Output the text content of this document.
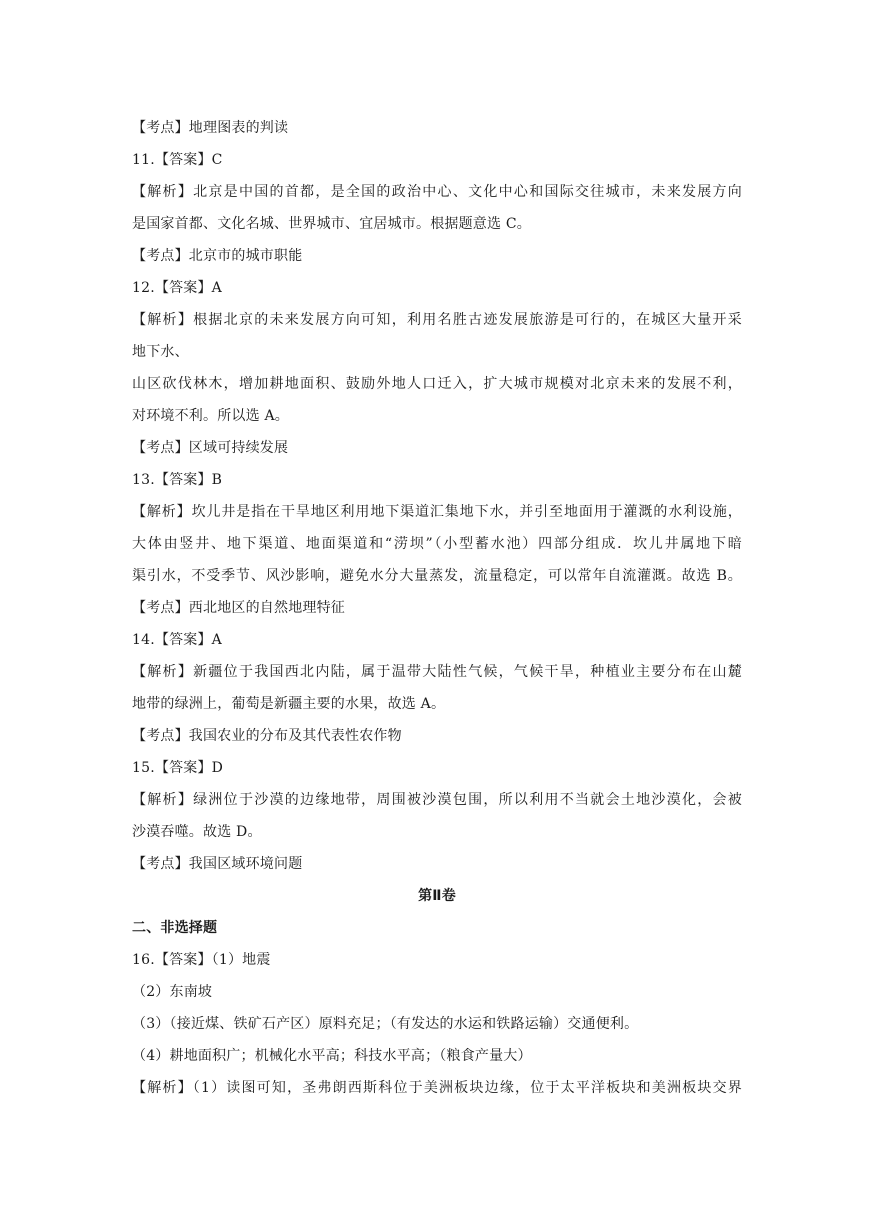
【考点】地理图表的判读
11.【答案】C
【解析】北京是中国的首都，是全国的政治中心、文化中心和国际交往城市，未来发展方向
是国家首都、文化名城、世界城市、宜居城市。根据题意选 C。
【考点】北京市的城市职能
12.【答案】A
【解析】根据北京的未来发展方向可知，利用名胜古迹发展旅游是可行的，在城区大量开采
地下水、
山区砍伐林木，增加耕地面积、鼓励外地人口迁入，扩大城市规模对北京未来的发展不利，
对环境不利。所以选 A。
【考点】区域可持续发展
13.【答案】B
【解析】坎儿井是指在干旱地区利用地下渠道汇集地下水，并引至地面用于灌溉的水利设施，
大体由竖井、地下渠道、地面渠道和“涝坝”（小型蓄水池）四部分组成．坎儿井属地下暗
渠引水，不受季节、风沙影响，避免水分大量蒸发，流量稳定，可以常年自流灌溉。故选 B。
【考点】西北地区的自然地理特征
14.【答案】A
【解析】新疆位于我国西北内陆，属于温带大陆性气候，气候干旱，种植业主要分布在山麓
地带的绿洲上，葡萄是新疆主要的水果，故选 A。
【考点】我国农业的分布及其代表性农作物
15.【答案】D
【解析】绿洲位于沙漠的边缘地带，周围被沙漠包围，所以利用不当就会土地沙漠化，会被
沙漠吞噬。故选 D。
【考点】我国区域环境问题
第Ⅱ卷
二、非选择题
16.【答案】（1）地震
（2）东南坡
（3）（接近煤、铁矿石产区）原料充足；（有发达的水运和铁路运输）交通便利。
（4）耕地面积广；机械化水平高；科技水平高；（粮食产量大）
【解析】（1）读图可知，圣弗朗西斯科位于美洲板块边缘，位于太平洋板块和美洲板块交界
